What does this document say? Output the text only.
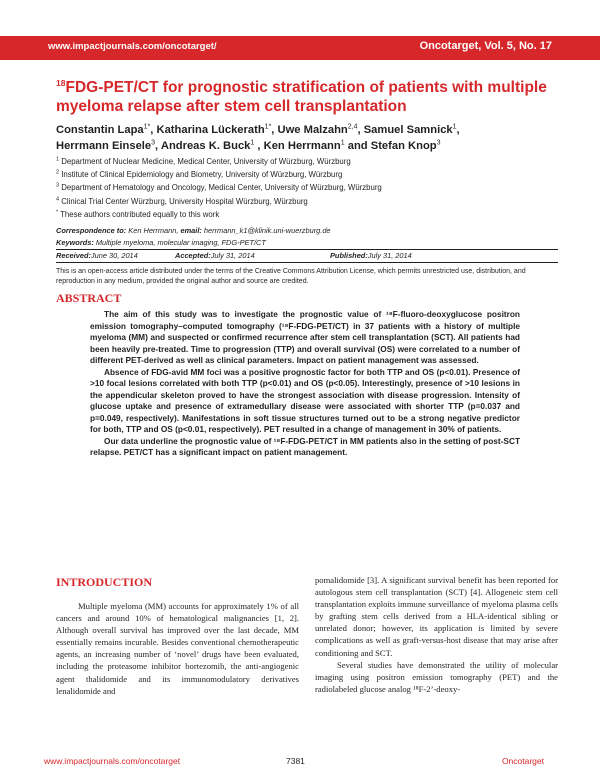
www.impactjournals.com/oncotarget/	Oncotarget, Vol. 5, No. 17
$^{18}$FDG-PET/CT for prognostic stratification of patients with multiple myeloma relapse after stem cell transplantation
Constantin Lapa$^{1*}$, Katharina Lückerath$^{1*}$, Uwe Malzahn$^{2,4}$, Samuel Samnick$^1$,
Herrmann Einsele$^3$, Andreas K. Buck$^1$ , Ken Herrmann$^1$ and Stefan Knop$^3$
$^1$ Department of Nuclear Medicine, Medical Center, University of Würzburg, Würzburg
$^2$ Institute of Clinical Epidemiology and Biometry, University of Würzburg, Würzburg
$^3$ Department of Hematology and Oncology, Medical Center, University of Würzburg, Würzburg
$^4$ Clinical Trial Center Würzburg, University Hospital Würzburg, Würzburg
* These authors contributed equally to this work
Correspondence to: Ken Herrmann, email: herrmann_k1@klinik.uni-wuerzburg.de
Keywords: Multiple myeloma, molecular imaging, FDG-PET/CT
Received: June 30, 2014	Accepted: July 31, 2014	Published: July 31, 2014
This is an open-access article distributed under the terms of the Creative Commons Attribution License, which permits unrestricted use, distribution, and reproduction in any medium, provided the original author and source are credited.
ABSTRACT

The aim of this study was to investigate the prognostic value of ¹⁸F-fluoro-deoxyglucose positron emission tomography–computed tomography (¹⁸F-FDG-PET/CT) in 37 patients with a history of multiple myeloma (MM) and suspected or confirmed recurrence after stem cell transplantation (SCT). All patients had been heavily pre-treated. Time to progression (TTP) and overall survival (OS) were correlated to a number of different PET-derived as well as clinical parameters. Impact on patient management was assessed.

Absence of FDG-avid MM foci was a positive prognostic factor for both TTP and OS (p<0.01). Presence of >10 focal lesions correlated with both TTP (p<0.01) and OS (p<0.05). Interestingly, presence of >10 lesions in the appendicular skeleton proved to have the strongest association with disease progression. Intensity of glucose uptake and presence of extramedullary disease were associated with shorter TTP (p=0.037 and p=0.049, respectively). Manifestations in soft tissue structures turned out to be a strong negative predictor for both, TTP and OS (p<0.01, respectively). PET resulted in a change of management in 30% of patients.

Our data underline the prognostic value of ¹⁸F-FDG-PET/CT in MM patients also in the setting of post-SCT relapse. PET/CT has a significant impact on patient management.

INTRODUCTION

Multiple myeloma (MM) accounts for approximately 1% of all cancers and around 10% of hematological malignancies [1, 2]. Although overall survival has improved over the last decade, MM essentially remains incurable. Besides conventional chemotherapeutic agents, an increasing number of ‘novel’ drugs have been evaluated, including the proteasome inhibitor bortezomib, the anti-angiogenic agent thalidomide and its immunomodulatory derivatives lenalidomide and

pomalidomide [3]. A significant survival benefit has been reported for autologous stem cell transplantation (SCT) [4]. Allogeneic stem cell transplantation exploits immune surveillance of myeloma plasma cells by grafting stem cells derived from a HLA-identical sibling or unrelated donor; however, its application is limited by severe complications as well as graft-versus-host disease that may arise after conditioning and SCT.

Several studies have demonstrated the utility of molecular imaging using positron emission tomography (PET) and the radiolabeled glucose analog ¹⁸F-2’-deoxy-

www.impactjournals.com/oncotarget	7381	Oncotarget
